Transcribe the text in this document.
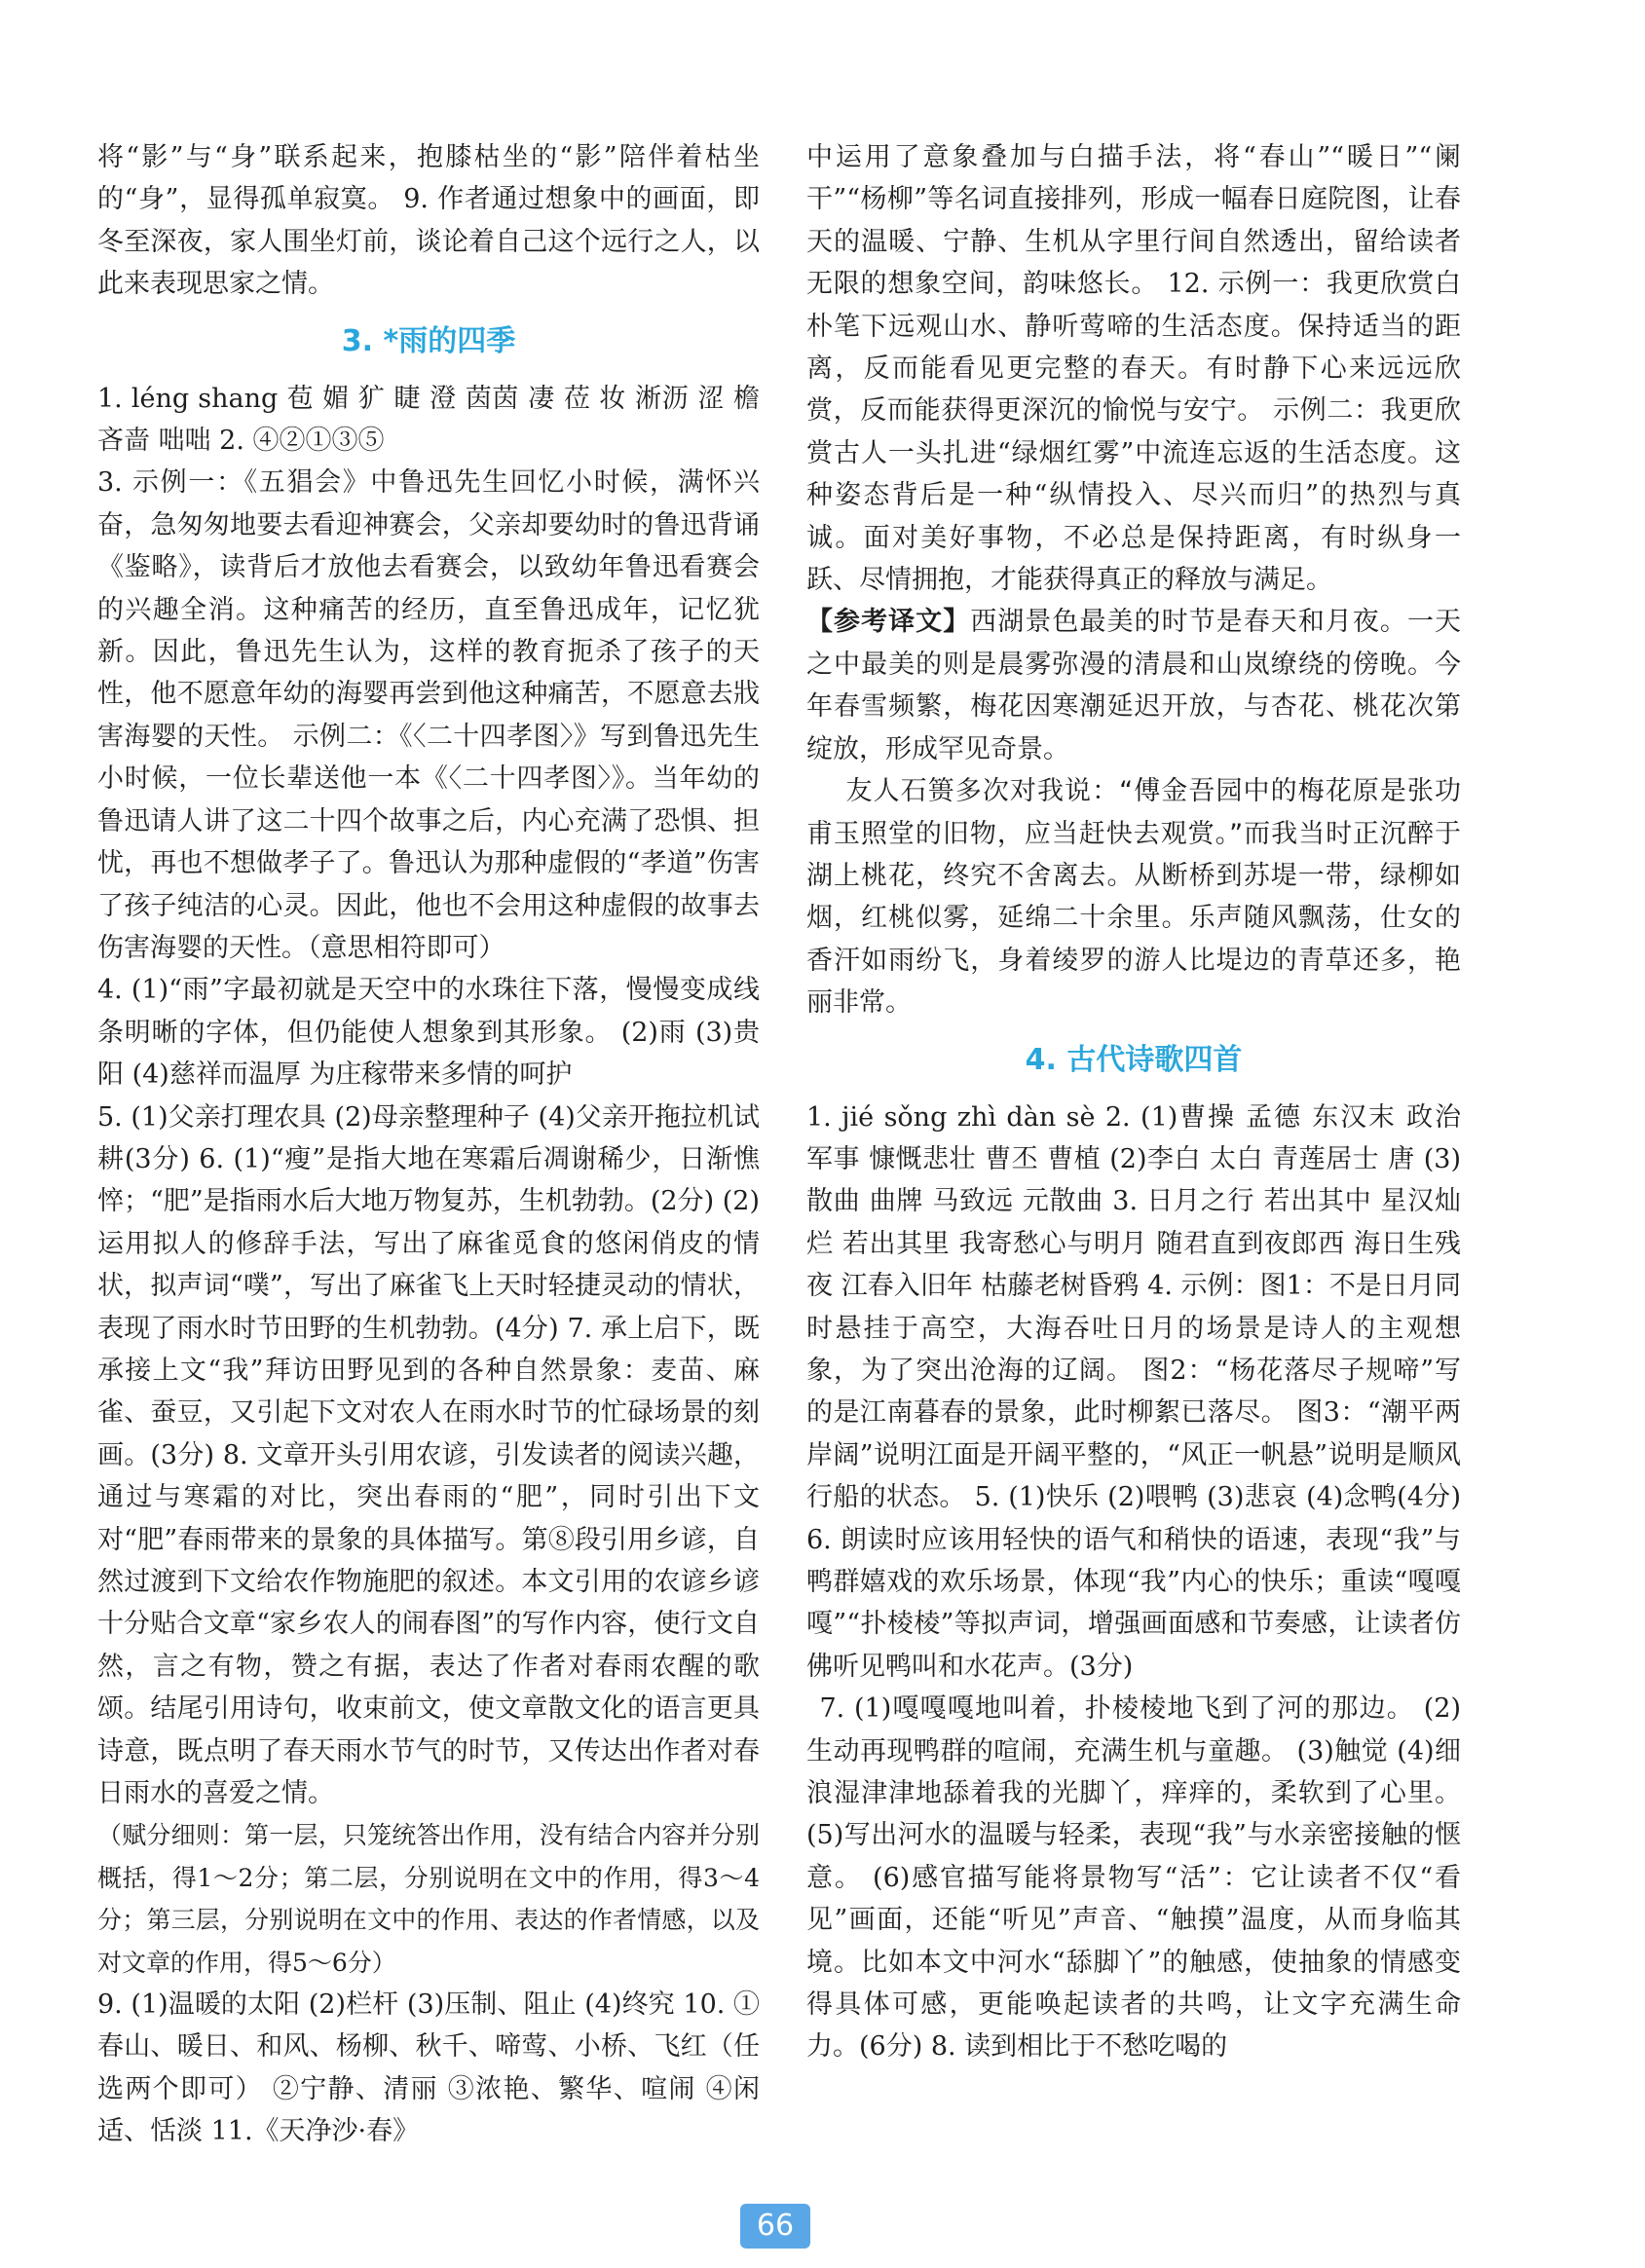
将“影”与“身”联系起来，抱膝枯坐的“影”陪伴着枯坐的“身”，显得孤单寂寞。 9. 作者通过想象中的画面，即冬至深夜，家人围坐灯前，谈论着自己这个远行之人，以此来表现思家之情。

3. *雨的四季

1. léng shang 苞 媚 犷 睫 澄 茵茵 凄 莅 妆 淅沥 涩 檐 吝啬 咄咄 2. ④②①③⑤

3. 示例一：《五猖会》中鲁迅先生回忆小时候，满怀兴奋，急匆匆地要去看迎神赛会，父亲却要幼时的鲁迅背诵《鉴略》，读背后才放他去看赛会，以致幼年鲁迅看赛会的兴趣全消。这种痛苦的经历，直至鲁迅成年，记忆犹新。因此，鲁迅先生认为，这样的教育扼杀了孩子的天性，他不愿意年幼的海婴再尝到他这种痛苦，不愿意去戕害海婴的天性。 示例二：《〈二十四孝图〉》写到鲁迅先生小时候，一位长辈送他一本《〈二十四孝图〉》。当年幼的鲁迅请人讲了这二十四个故事之后，内心充满了恐惧、担忧，再也不想做孝子了。鲁迅认为那种虚假的“孝道”伤害了孩子纯洁的心灵。因此，他也不会用这种虚假的故事去伤害海婴的天性。（意思相符即可）

4. (1)“雨”字最初就是天空中的水珠往下落，慢慢变成线条明晰的字体，但仍能使人想象到其形象。 (2)雨 (3)贵阳 (4)慈祥而温厚 为庄稼带来多情的呵护

5. (1)父亲打理农具 (2)母亲整理种子 (4)父亲开拖拉机试耕(3分) 6. (1)“瘦”是指大地在寒霜后凋谢稀少，日渐憔悴；“肥”是指雨水后大地万物复苏，生机勃勃。(2分) (2)运用拟人的修辞手法，写出了麻雀觅食的悠闲俏皮的情状，拟声词“噗”，写出了麻雀飞上天时轻捷灵动的情状，表现了雨水时节田野的生机勃勃。(4分) 7. 承上启下，既承接上文“我”拜访田野见到的各种自然景象：麦苗、麻雀、蚕豆，又引起下文对农人在雨水时节的忙碌场景的刻画。(3分) 8. 文章开头引用农谚，引发读者的阅读兴趣，通过与寒霜的对比，突出春雨的“肥”，同时引出下文对“肥”春雨带来的景象的具体描写。第⑧段引用乡谚，自然过渡到下文给农作物施肥的叙述。本文引用的农谚乡谚十分贴合文章“家乡农人的闹春图”的写作内容，使行文自然，言之有物，赞之有据，表达了作者对春雨农醒的歌颂。结尾引用诗句，收束前文，使文章散文化的语言更具诗意，既点明了春天雨水节气的时节，又传达出作者对春日雨水的喜爱之情。

（赋分细则：第一层，只笼统答出作用，没有结合内容并分别概括，得1～2分；第二层，分别说明在文中的作用，得3～4分；第三层，分别说明在文中的作用、表达的作者情感，以及对文章的作用，得5～6分）

9. (1)温暖的太阳 (2)栏杆 (3)压制、阻止 (4)终究 10. ①春山、暖日、和风、杨柳、秋千、啼莺、小桥、飞红（任选两个即可） ②宁静、清丽 ③浓艳、繁华、喧闹 ④闲适、恬淡 11.《天净沙·春》

中运用了意象叠加与白描手法，将“春山”“暖日”“阑干”“杨柳”等名词直接排列，形成一幅春日庭院图，让春天的温暖、宁静、生机从字里行间自然透出，留给读者无限的想象空间，韵味悠长。 12. 示例一：我更欣赏白朴笔下远观山水、静听莺啼的生活态度。保持适当的距离，反而能看见更完整的春天。有时静下心来远远欣赏，反而能获得更深沉的愉悦与安宁。 示例二：我更欣赏古人一头扎进“绿烟红雾”中流连忘返的生活态度。这种姿态背后是一种“纵情投入、尽兴而归”的热烈与真诚。面对美好事物，不必总是保持距离，有时纵身一跃、尽情拥抱，才能获得真正的释放与满足。

【参考译文】西湖景色最美的时节是春天和月夜。一天之中最美的则是晨雾弥漫的清晨和山岚缭绕的傍晚。今年春雪频繁，梅花因寒潮延迟开放，与杏花、桃花次第绽放，形成罕见奇景。

友人石篑多次对我说：“傅金吾园中的梅花原是张功甫玉照堂的旧物，应当赶快去观赏。”而我当时正沉醉于湖上桃花，终究不舍离去。从断桥到苏堤一带，绿柳如烟，红桃似雾，延绵二十余里。乐声随风飘荡，仕女的香汗如雨纷飞，身着绫罗的游人比堤边的青草还多，艳丽非常。

4. 古代诗歌四首

1. jié sǒng zhì dàn sè 2. (1)曹操 孟德 东汉末 政治 军事 慷慨悲壮 曹丕 曹植 (2)李白 太白 青莲居士 唐 (3)散曲 曲牌 马致远 元散曲 3. 日月之行 若出其中 星汉灿烂 若出其里 我寄愁心与明月 随君直到夜郎西 海日生残夜 江春入旧年 枯藤老树昏鸦 4. 示例：图1：不是日月同时悬挂于高空，大海吞吐日月的场景是诗人的主观想象，为了突出沧海的辽阔。 图2：“杨花落尽子规啼”写的是江南暮春的景象，此时柳絮已落尽。 图3：“潮平两岸阔”说明江面是开阔平整的，“风正一帆悬”说明是顺风行船的状态。 5. (1)快乐 (2)喂鸭 (3)悲哀 (4)念鸭(4分) 6. 朗读时应该用轻快的语气和稍快的语速，表现“我”与鸭群嬉戏的欢乐场景，体现“我”内心的快乐；重读“嘎嘎嘎”“扑棱棱”等拟声词，增强画面感和节奏感，让读者仿佛听见鸭叫和水花声。(3分)

7. (1)嘎嘎嘎地叫着，扑棱棱地飞到了河的那边。 (2)生动再现鸭群的喧闹，充满生机与童趣。 (3)触觉 (4)细浪湿津津地舔着我的光脚丫，痒痒的，柔软到了心里。 (5)写出河水的温暖与轻柔，表现“我”与水亲密接触的惬意。 (6)感官描写能将景物写“活”：它让读者不仅“看见”画面，还能“听见”声音、“触摸”温度，从而身临其境。比如本文中河水“舔脚丫”的触感，使抽象的情感变得具体可感，更能唤起读者的共鸣，让文字充满生命力。(6分) 8. 读到相比于不愁吃喝的

66
